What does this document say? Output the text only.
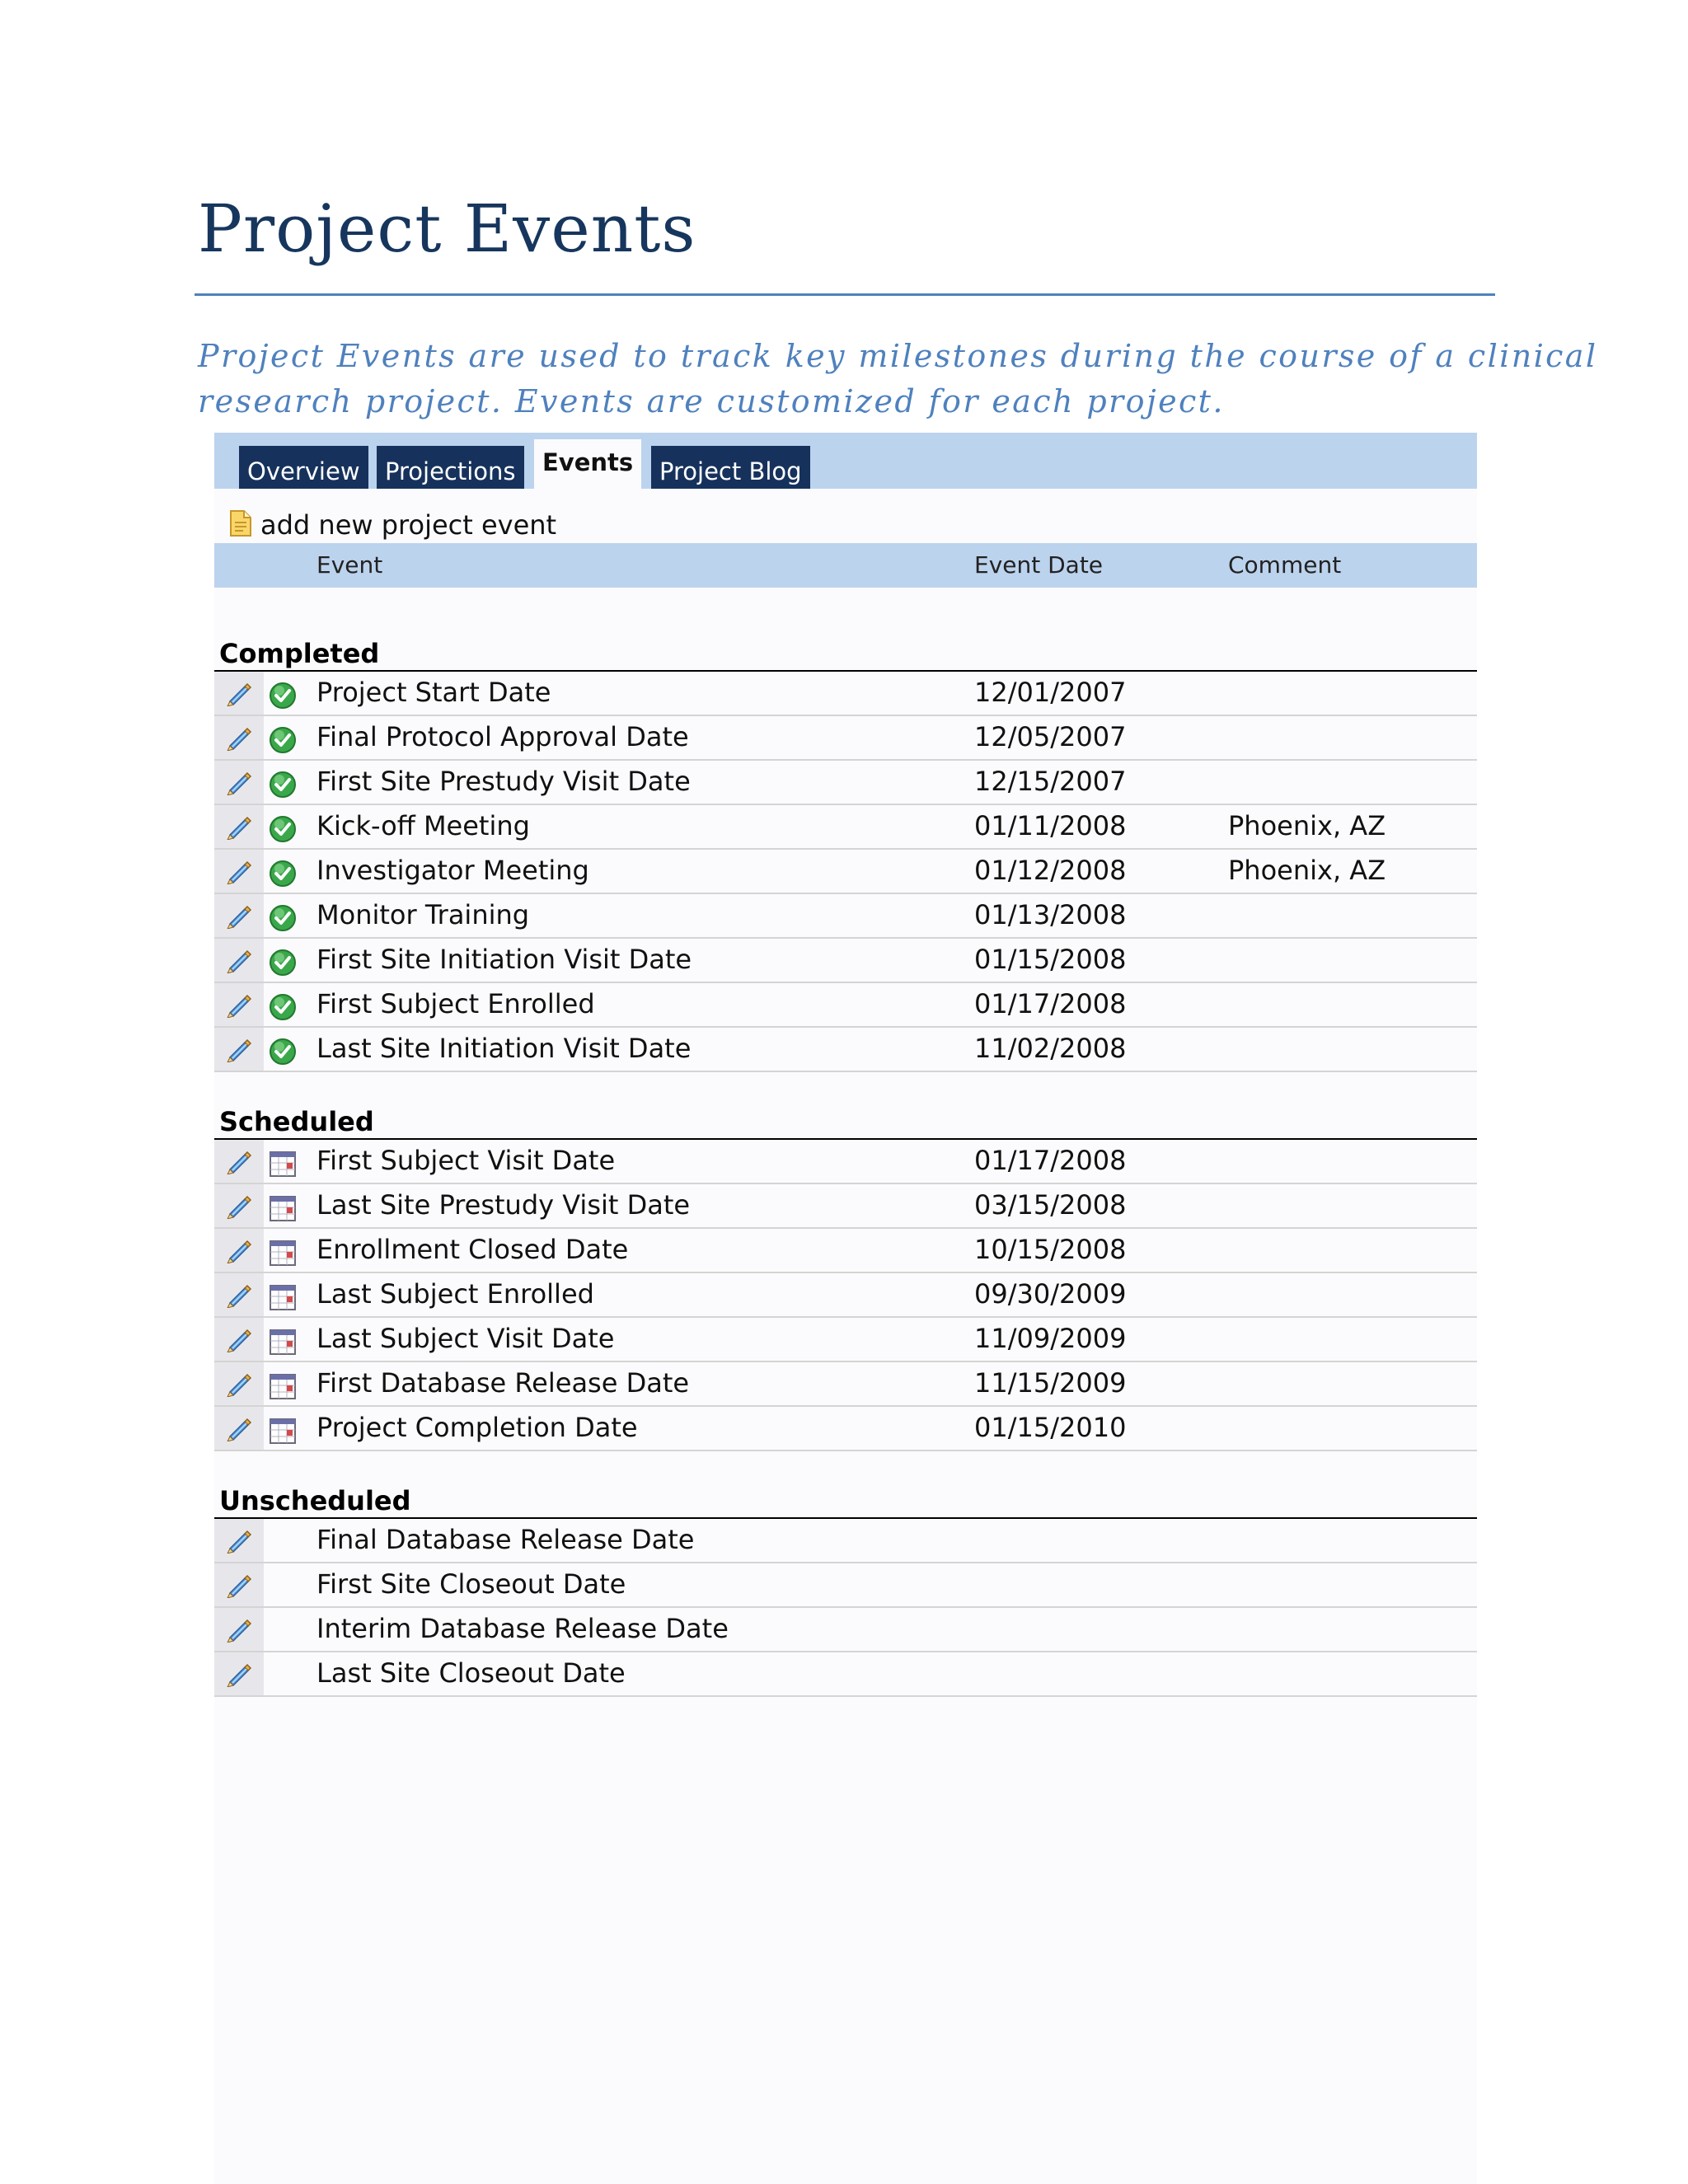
Project Events

Project Events are used to track key milestones during the course of a clinical
research project. Events are customized for each project.

Overview	Projections	Events	Project Blog
add new project event
Event	Event Date	Comment
Completed
Project Start Date	12/01/2007
Final Protocol Approval Date	12/05/2007
First Site Prestudy Visit Date	12/15/2007
Kick-off Meeting	01/11/2008	Phoenix, AZ
Investigator Meeting	01/12/2008	Phoenix, AZ
Monitor Training	01/13/2008
First Site Initiation Visit Date	01/15/2008
First Subject Enrolled	01/17/2008
Last Site Initiation Visit Date	11/02/2008
Scheduled
First Subject Visit Date	01/17/2008
Last Site Prestudy Visit Date	03/15/2008
Enrollment Closed Date	10/15/2008
Last Subject Enrolled	09/30/2009
Last Subject Visit Date	11/09/2009
First Database Release Date	11/15/2009
Project Completion Date	01/15/2010
Unscheduled
Final Database Release Date
First Site Closeout Date
Interim Database Release Date
Last Site Closeout Date
